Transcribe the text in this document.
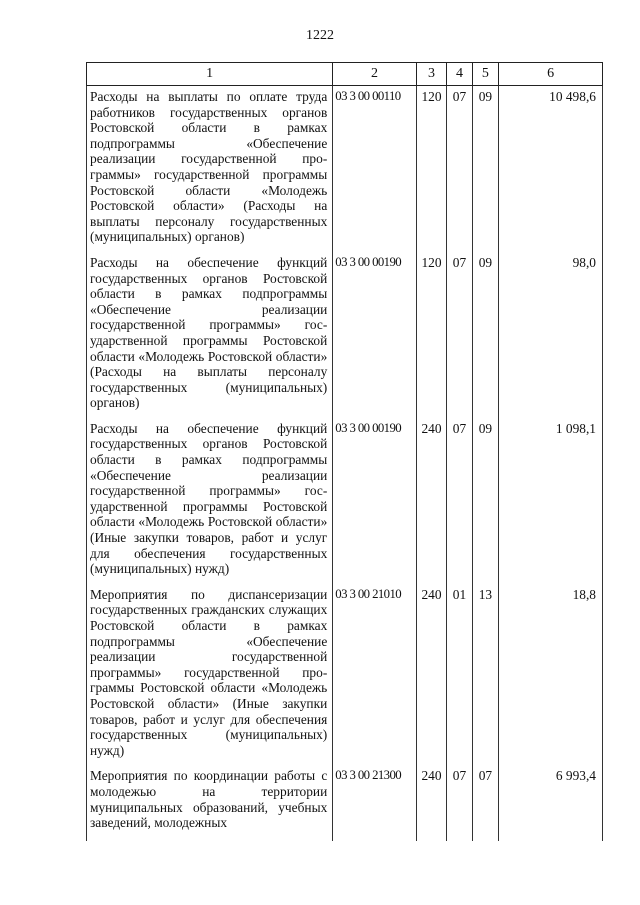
1222
1	2	3	4	5	6
Расходы на выплаты по оплате труда работников государственных органов Ростовской области в рамках подпрограммы «Обеспечение реализации государственной программы» государственной программы Ростовской области «Молодежь Ростовской области» (Расходы на выплаты персоналу государственных (муниципальных) органов)	03 3 00 00110	120	07	09	10 498,6
Расходы на обеспечение функций государственных органов Ростовской области в рамках подпрограммы «Обеспечение реализации государственной программы» государственной программы Ростовской области «Молодежь Ростовской области» (Расходы на выплаты персоналу государственных (муниципальных) органов)	03 3 00 00190	120	07	09	98,0
Расходы на обеспечение функций государственных органов Ростовской области в рамках подпрограммы «Обеспечение реализации государственной программы» государственной программы Ростовской области «Молодежь Ростовской области» (Иные закупки товаров, работ и услуг для обеспечения государственных (муниципальных) нужд)	03 3 00 00190	240	07	09	1 098,1
Мероприятия по диспансеризации государственных гражданских служащих Ростовской области в рамках подпрограммы «Обеспечение реализации государственной программы» государственной программы Ростовской области «Молодежь Ростовской области» (Иные закупки товаров, работ и услуг для обеспечения государственных (муниципальных) нужд)	03 3 00 21010	240	01	13	18,8
Мероприятия по координации работы с молодежью на территории муниципальных образований, учебных заведений, молодежных	03 3 00 21300	240	07	07	6 993,4
